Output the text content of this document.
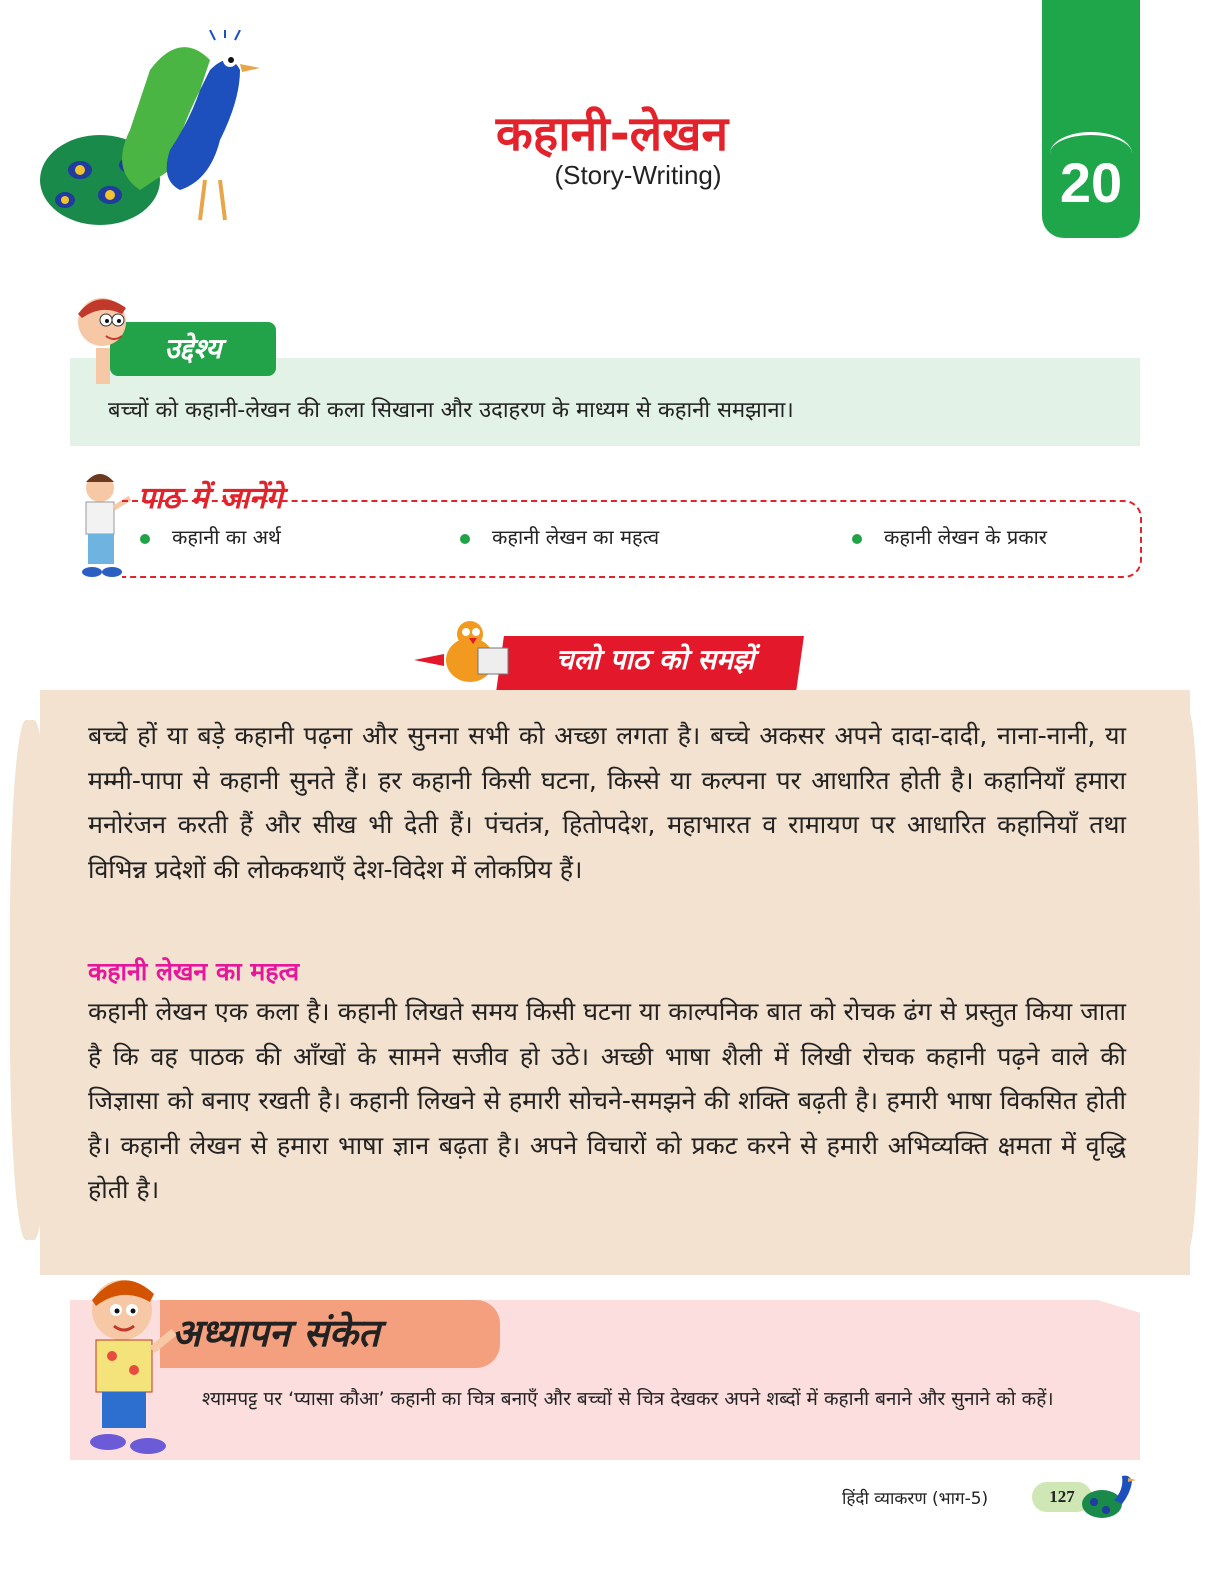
कहानी-लेखन
(Story-Writing)	20
उद्देश्य
बच्चों को कहानी-लेखन की कला सिखाना और उदाहरण के माध्यम से कहानी समझाना।
पाठ में जानेंगे
कहानी का अर्थ	कहानी लेखन का महत्व	कहानी लेखन के प्रकार
चलो पाठ को समझें
बच्चे हों या बड़े कहानी पढ़ना और सुनना सभी को अच्छा लगता है। बच्चे अकसर अपने दादा-दादी, नाना-नानी, या मम्मी-पापा से कहानी सुनते हैं। हर कहानी किसी घटना, किस्से या कल्पना पर आधारित होती है। कहानियाँ हमारा मनोरंजन करती हैं और सीख भी देती हैं। पंचतंत्र, हितोपदेश, महाभारत व रामायण पर आधारित कहानियाँ तथा विभिन्न प्रदेशों की लोककथाएँ देश-विदेश में लोकप्रिय हैं।
कहानी लेखन का महत्व
कहानी लेखन एक कला है। कहानी लिखते समय किसी घटना या काल्पनिक बात को रोचक ढंग से प्रस्तुत किया जाता है कि वह पाठक की आँखों के सामने सजीव हो उठे। अच्छी भाषा शैली में लिखी रोचक कहानी पढ़ने वाले की जिज्ञासा को बनाए रखती है। कहानी लिखने से हमारी सोचने-समझने की शक्ति बढ़ती है। हमारी भाषा विकसित होती है। कहानी लेखन से हमारा भाषा ज्ञान बढ़ता है। अपने विचारों को प्रकट करने से हमारी अभिव्यक्ति क्षमता में वृद्धि होती है।
अध्यापन संकेत
श्यामपट्ट पर ‘प्यासा कौआ’ कहानी का चित्र बनाएँ और बच्चों से चित्र देखकर अपने शब्दों में कहानी बनाने और सुनाने को कहें।
हिंदी व्याकरण (भाग-5)	127
